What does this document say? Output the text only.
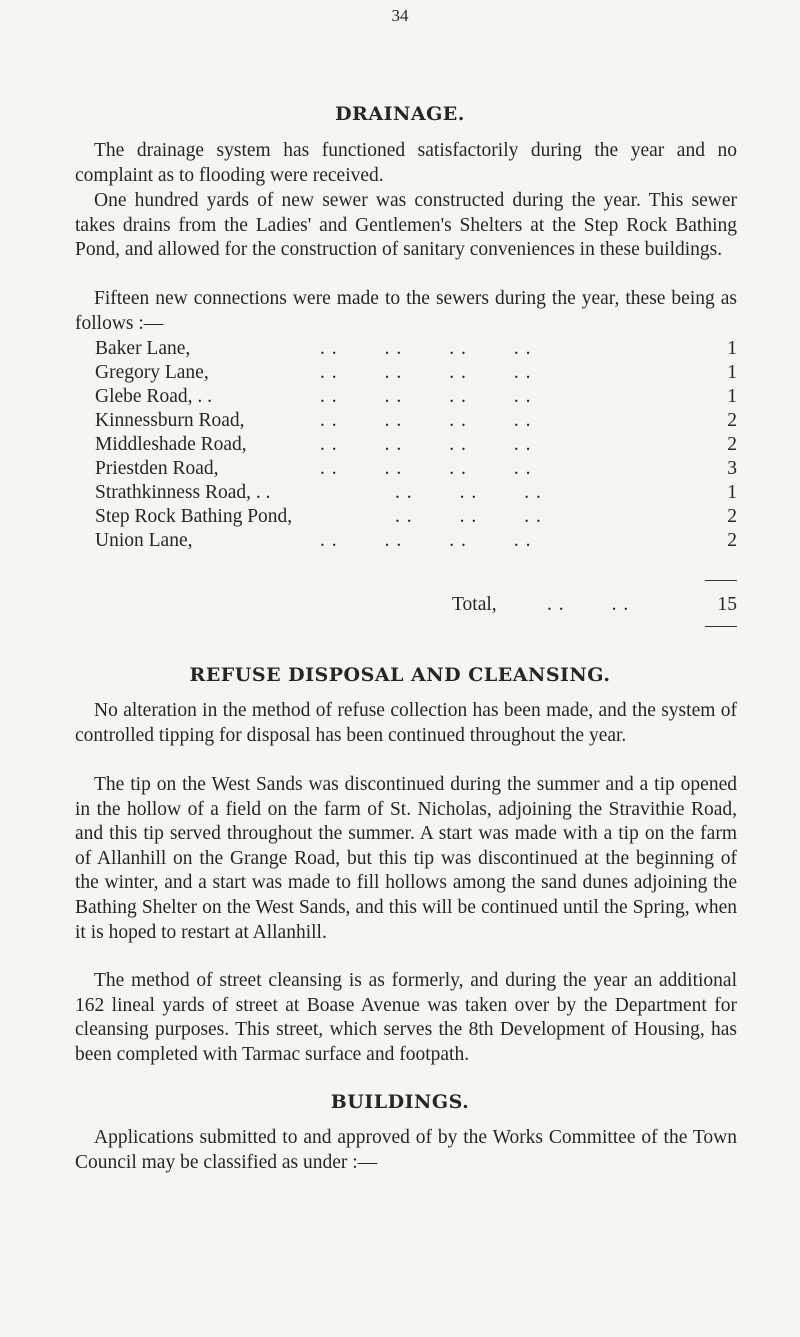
34
DRAINAGE.

The drainage system has functioned satisfactorily during the year and no complaint as to flooding were received.

One hundred yards of new sewer was constructed during the year. This sewer takes drains from the Ladies' and Gentlemen's Shelters at the Step Rock Bathing Pond, and allowed for the construction of sanitary conveniences in these buildings.

Fifteen new connections were made to the sewers during the year, these being as follows :—

Baker Lane,	. .        . .        . .        . .	1
Gregory Lane,	. .        . .        . .        . .	1
Glebe Road, . .	. .        . .        . .        . .	1
Kinnessburn Road,	. .        . .        . .        . .	2
Middleshade Road,	. .        . .        . .        . .	2
Priestden Road,	. .        . .        . .        . .	3
Strathkinness Road, . .	. .        . .        . .	1
Step Rock Bathing Pond,	. .        . .        . .	2
Union Lane,	. .        . .        . .        . .	2
Total,	. .        . .	15
REFUSE DISPOSAL AND CLEANSING.

No alteration in the method of refuse collection has been made, and the system of controlled tipping for disposal has been continued throughout the year.

The tip on the West Sands was discontinued during the summer and a tip opened in the hollow of a field on the farm of St. Nicholas, adjoining the Stravithie Road, and this tip served throughout the summer. A start was made with a tip on the farm of Allanhill on the Grange Road, but this tip was discontinued at the beginning of the winter, and a start was made to fill hollows among the sand dunes adjoining the Bathing Shelter on the West Sands, and this will be continued until the Spring, when it is hoped to restart at Allanhill.

The method of street cleansing is as formerly, and during the year an additional 162 lineal yards of street at Boase Avenue was taken over by the Department for cleansing purposes. This street, which serves the 8th Development of Housing, has been completed with Tarmac surface and footpath.

BUILDINGS.

Applications submitted to and approved of by the Works Committee of the Town Council may be classified as under :—
